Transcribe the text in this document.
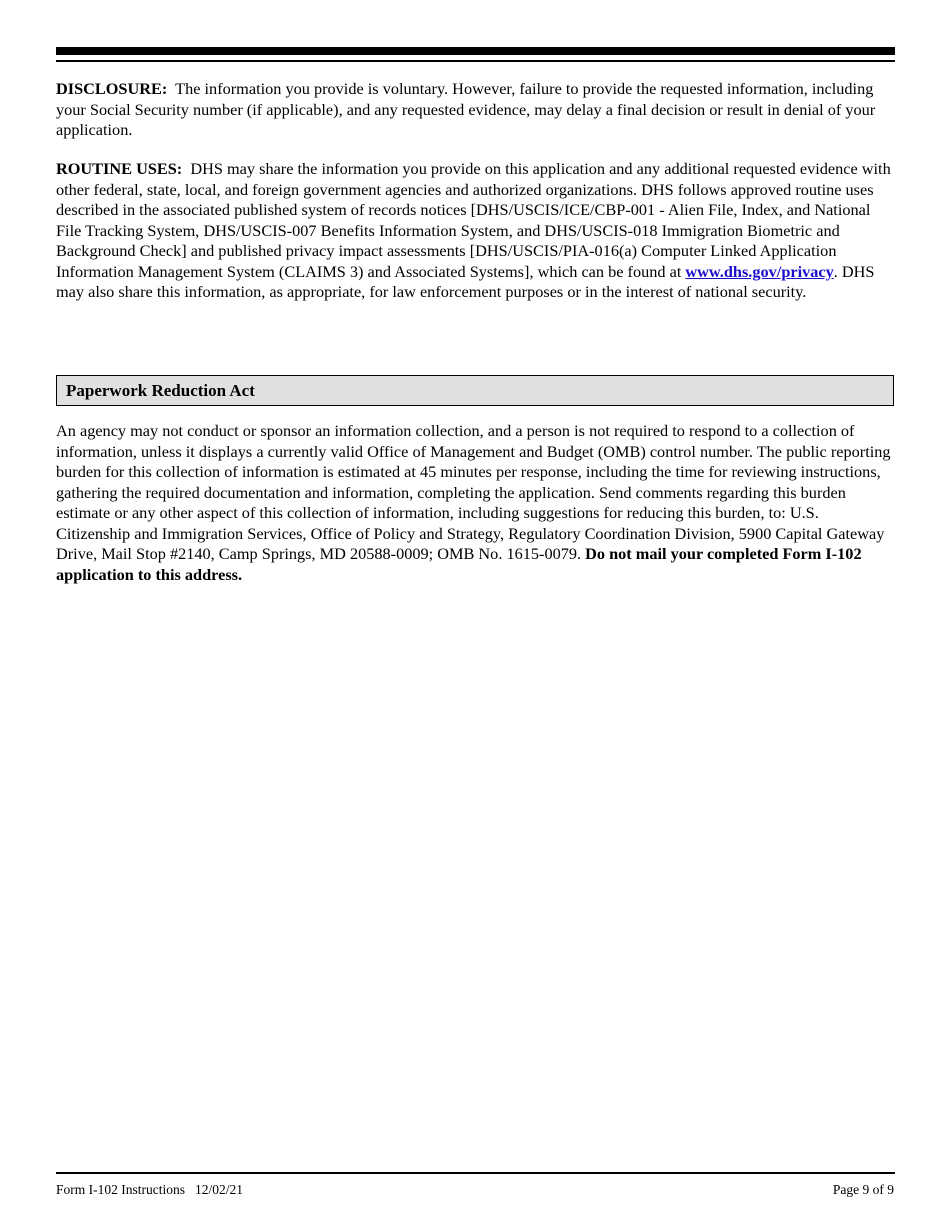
DISCLOSURE: The information you provide is voluntary. However, failure to provide the requested information, including your Social Security number (if applicable), and any requested evidence, may delay a final decision or result in denial of your application.

ROUTINE USES: DHS may share the information you provide on this application and any additional requested evidence with other federal, state, local, and foreign government agencies and authorized organizations. DHS follows approved routine uses described in the associated published system of records notices [DHS/USCIS/ICE/CBP-001 - Alien File, Index, and National File Tracking System, DHS/USCIS-007 Benefits Information System, and DHS/USCIS-018 Immigration Biometric and Background Check] and published privacy impact assessments [DHS/USCIS/PIA-016(a) Computer Linked Application Information Management System (CLAIMS 3) and Associated Systems], which can be found at www.dhs.gov/privacy. DHS may also share this information, as appropriate, for law enforcement purposes or in the interest of national security.

Paperwork Reduction Act

An agency may not conduct or sponsor an information collection, and a person is not required to respond to a collection of information, unless it displays a currently valid Office of Management and Budget (OMB) control number. The public reporting burden for this collection of information is estimated at 45 minutes per response, including the time for reviewing instructions, gathering the required documentation and information, completing the application. Send comments regarding this burden estimate or any other aspect of this collection of information, including suggestions for reducing this burden, to: U.S. Citizenship and Immigration Services, Office of Policy and Strategy, Regulatory Coordination Division, 5900 Capital Gateway Drive, Mail Stop #2140, Camp Springs, MD 20588-0009; OMB No. 1615-0079. Do not mail your completed Form I-102 application to this address.

Form I-102 Instructions 12/02/21	Page 9 of 9
